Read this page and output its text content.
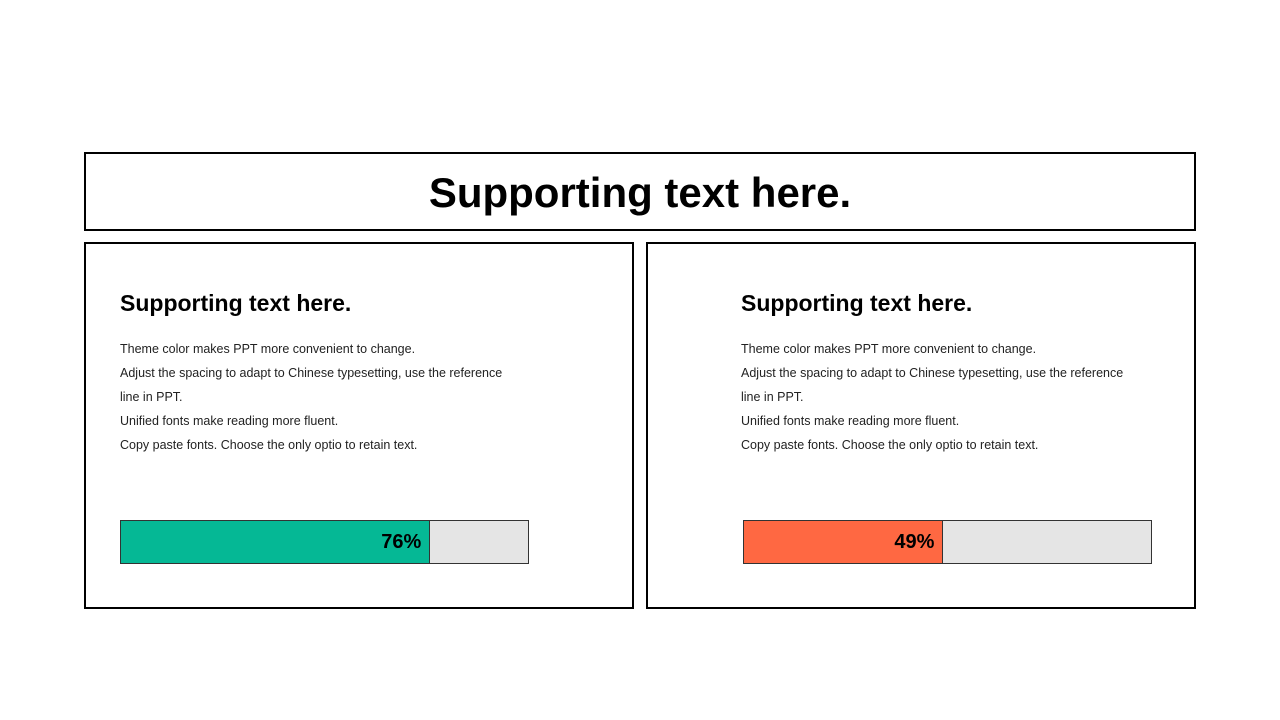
Supporting text here.
Supporting text here.
Theme color makes PPT more convenient to change.
Adjust the spacing to adapt to Chinese typesetting, use the reference
line in PPT.
Unified fonts make reading more fluent.
Copy paste fonts. Choose the only optio to retain text.
76%
Supporting text here.
Theme color makes PPT more convenient to change.
Adjust the spacing to adapt to Chinese typesetting, use the reference
line in PPT.
Unified fonts make reading more fluent.
Copy paste fonts. Choose the only optio to retain text.
49%
